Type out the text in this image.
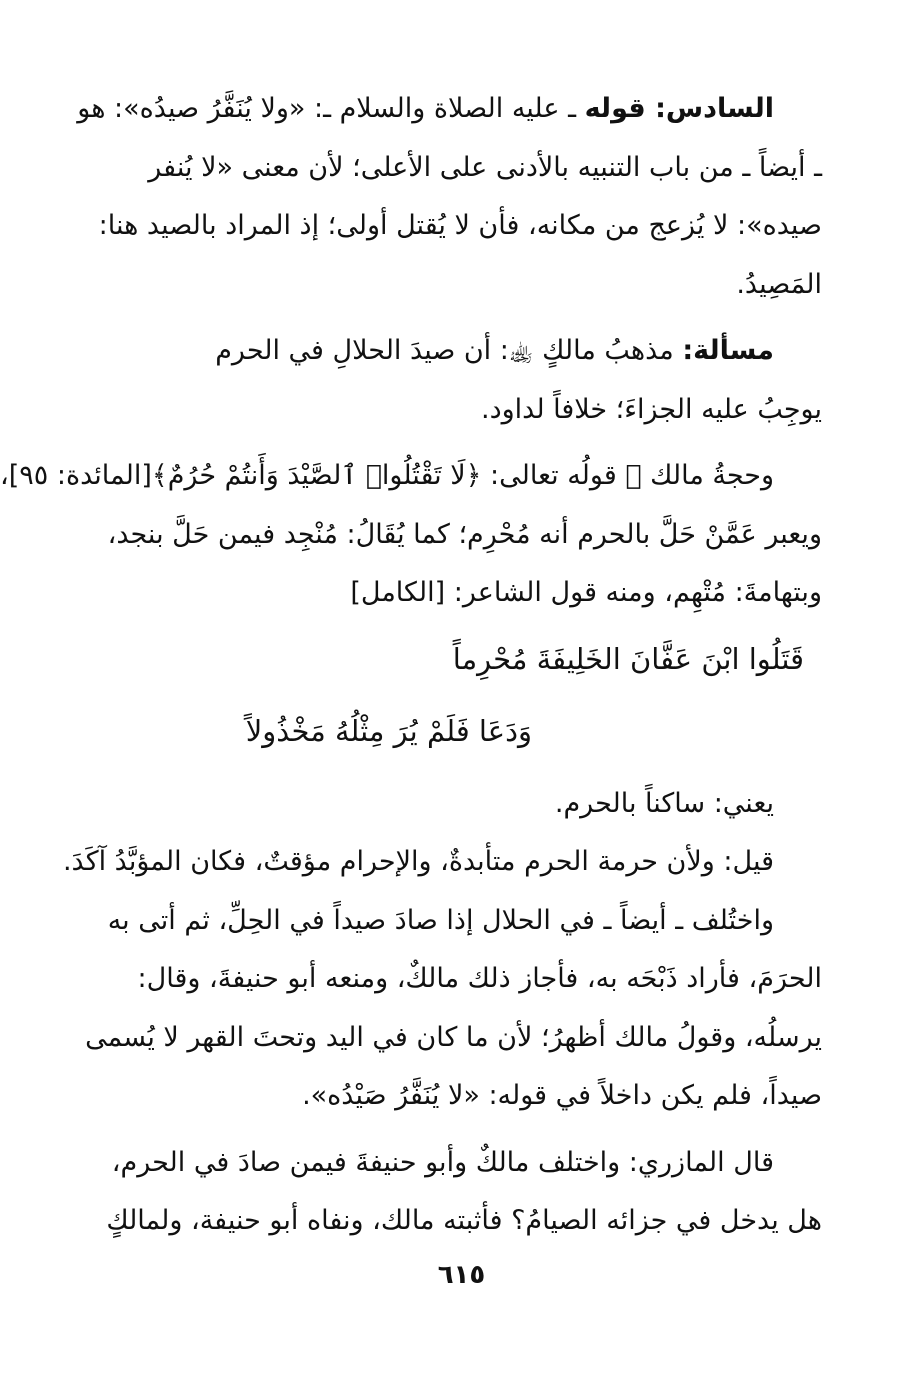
السادس: قوله ـ عليه الصلاة والسلام ـ: «ولا يُنَفَّرُ صيدُه»: هو
ـ أيضاً ـ من باب التنبيه بالأدنى على الأعلى؛ لأن معنى «لا يُنفر
صيده»: لا يُزعج من مكانه، فأن لا يُقتل أولى؛ إذ المراد بالصيد هنا:
المَصِيدُ.
مسألة: مذهبُ مالكٍ ﵀: أن صيدَ الحلالِ في الحرم
يوجِبُ عليه الجزاءَ؛ خلافاً لداود.
وحجةُ مالك ﵀ قولُه تعالى: ﴿لَا تَقْتُلُوا۟ ٱلصَّيْدَ وَأَنتُمْ حُرُمٌ﴾[المائدة: ٩٥]،
ويعبر عَمَّنْ حَلَّ بالحرم أنه مُحْرِم؛ كما يُقَالُ: مُنْجِد فيمن حَلَّ بنجد،
وبتهامةَ: مُتْهِم، ومنه قول الشاعر: [الكامل]
قَتَلُوا ابْنَ عَفَّانَ الخَلِيفَةَ مُحْرِماً
وَدَعَا فَلَمْ يُرَ مِثْلُهُ مَخْذُولاً
يعني: ساكناً بالحرم.
قيل: ولأن حرمة الحرم متأبدةٌ، والإحرام مؤقتٌ، فكان المؤبَّدُ آكَدَ.
واختُلف ـ أيضاً ـ في الحلال إذا صادَ صيداً في الحِلِّ، ثم أتى به
الحرَمَ، فأراد ذَبْحَه به، فأجاز ذلك مالكٌ، ومنعه أبو حنيفةَ، وقال:
يرسلُه، وقولُ مالك أظهرُ؛ لأن ما كان في اليد وتحتَ القهر لا يُسمى
صيداً، فلم يكن داخلاً في قوله: «لا يُنَفَّرُ صَيْدُه».
قال المازري: واختلف مالكٌ وأبو حنيفةَ فيمن صادَ في الحرم،
هل يدخل في جزائه الصيامُ؟ فأثبته مالك، ونفاه أبو حنيفة، ولمالكٍ
٦١٥
